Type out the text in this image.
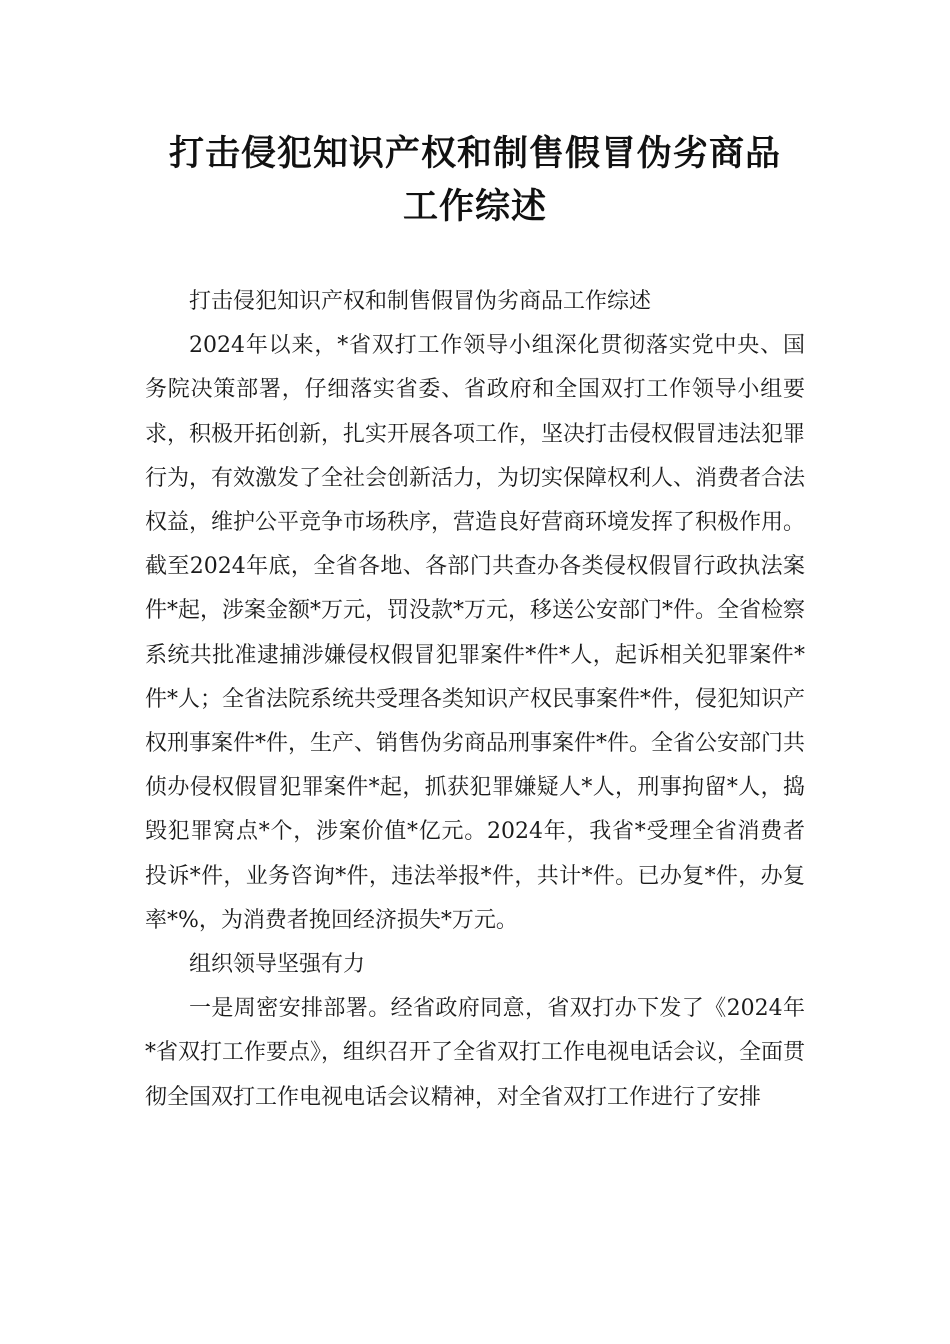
打击侵犯知识产权和制售假冒伪劣商品
工作综述

打击侵犯知识产权和制售假冒伪劣商品工作综述

2024年以来，*省双打工作领导小组深化贯彻落实党中央、国务院决策部署，仔细落实省委、省政府和全国双打工作领导小组要求，积极开拓创新，扎实开展各项工作，坚决打击侵权假冒违法犯罪行为，有效激发了全社会创新活力，为切实保障权利人、消费者合法权益，维护公平竞争市场秩序，营造良好营商环境发挥了积极作用。截至2024年底，全省各地、各部门共查办各类侵权假冒行政执法案件*起，涉案金额*万元，罚没款*万元，移送公安部门*件。全省检察系统共批准逮捕涉嫌侵权假冒犯罪案件*件*人，起诉相关犯罪案件*件*人；全省法院系统共受理各类知识产权民事案件*件，侵犯知识产权刑事案件*件，生产、销售伪劣商品刑事案件*件。全省公安部门共侦办侵权假冒犯罪案件*起，抓获犯罪嫌疑人*人，刑事拘留*人，捣毁犯罪窝点*个，涉案价值*亿元。2024年，我省*受理全省消费者投诉*件，业务咨询*件，违法举报*件，共计*件。已办复*件，办复率*%，为消费者挽回经济损失*万元。

组织领导坚强有力

一是周密安排部署。经省政府同意，省双打办下发了《2024年*省双打工作要点》，组织召开了全省双打工作电视电话会议，全面贯彻全国双打工作电视电话会议精神，对全省双打工作进行了安排
